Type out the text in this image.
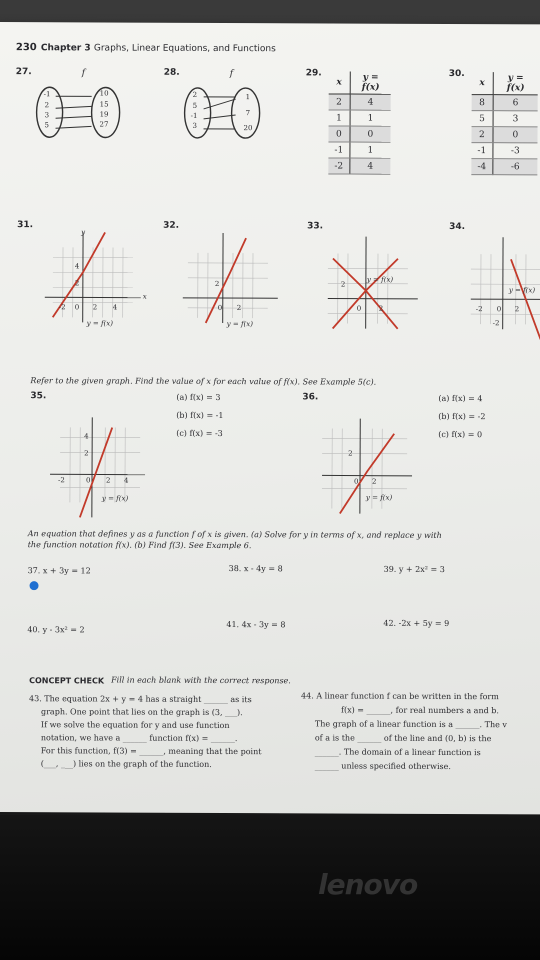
230 Chapter 3 Graphs, Linear Equations, and Functions
27.	f
-1
2
3
5
10
15
19
27
28.	f
2
5
-1
3
1
7
20
29.
x	y = f(x)
2	4
1	1
0	0
-1	1
-2	4
30.
x	y = f(x)
8	6
5	3
2	0
-1	-3
-4	-6
31.
y
x
-2 0 2 4
2
4
y = f(x)
32.
0 2
2
y = f(x)
33.
2
0 2
y = f(x)
34.
-2 0 2
-2
y = f(x)
Refer to the given graph. Find the value of x for each value of f(x). See Example 5(c).
35.	(a) f(x) = 3
(b) f(x) = -1
(c) f(x) = -3
-2	0 2 4
4
2
y = f(x)
36.	(a) f(x) = 4
(b) f(x) = -2
(c) f(x) = 0
0 2
2
y = f(x)
An equation that defines y as a function f of x is given. (a) Solve for y in terms of x, and replace y with the function notation f(x). (b) Find f(3). See Example 6.
37. x + 3y = 12	38. x - 4y = 8	39. y + 2x² = 3
40. y - 3x² = 2
41. 4x - 3y = 8	42. -2x + 5y = 9
CONCEPT CHECK Fill in each blank with the correct response.
43. The equation 2x + y = 4 has a straight ______ as its
graph. One point that lies on the graph is (3, ___).
If we solve the equation for y and use function
notation, we have a ______ function f(x) = ______.
For this function, f(3) = ______, meaning that the point
(___, ___) lies on the graph of the function.
44. A linear function f can be written in the form
f(x) = ______, for real numbers a and b.
The graph of a linear function is a ______. The v
of a is the ______ of the line and (0, b) is the
______. The domain of a linear function is
______ unless specified otherwise.
lenovo
